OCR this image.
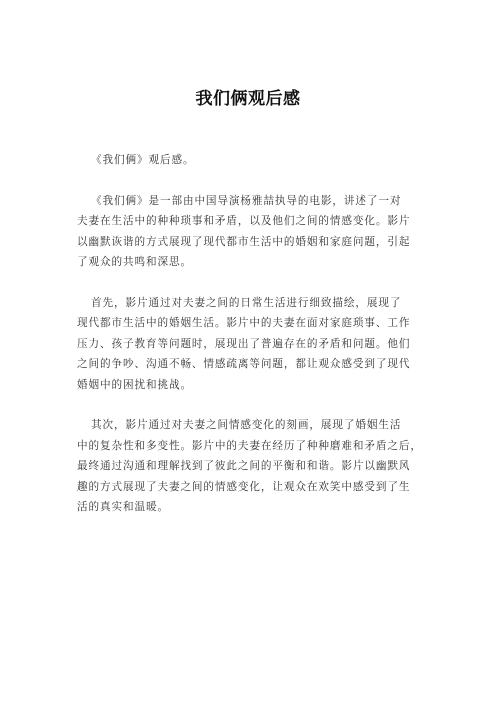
我们俩观后感
《我们俩》观后感。
《我们俩》是一部由中国导演杨雅喆执导的电影，讲述了一对
夫妻在生活中的种种琐事和矛盾，以及他们之间的情感变化。影片
以幽默诙谐的方式展现了现代都市生活中的婚姻和家庭问题，引起
了观众的共鸣和深思。
首先，影片通过对夫妻之间的日常生活进行细致描绘，展现了
现代都市生活中的婚姻生活。影片中的夫妻在面对家庭琐事、工作
压力、孩子教育等问题时，展现出了普遍存在的矛盾和问题。他们
之间的争吵、沟通不畅、情感疏离等问题，都让观众感受到了现代
婚姻中的困扰和挑战。
其次，影片通过对夫妻之间情感变化的刻画，展现了婚姻生活
中的复杂性和多变性。影片中的夫妻在经历了种种磨难和矛盾之后，
最终通过沟通和理解找到了彼此之间的平衡和和谐。影片以幽默风
趣的方式展现了夫妻之间的情感变化，让观众在欢笑中感受到了生
活的真实和温暖。
